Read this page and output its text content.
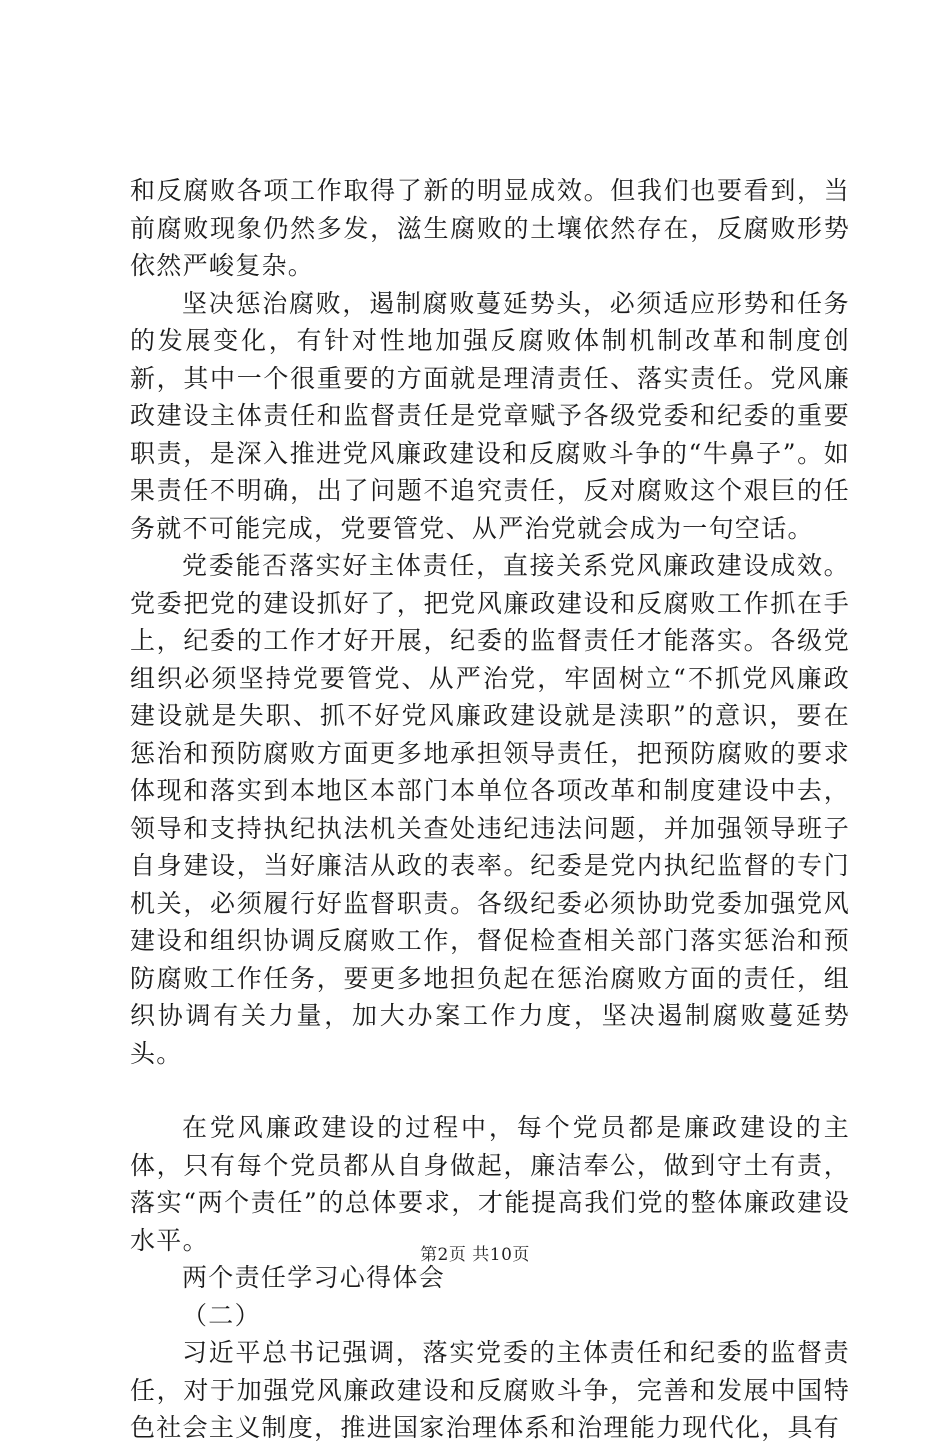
和反腐败各项工作取得了新的明显成效。但我们也要看到，当前腐败现象仍然多发，滋生腐败的土壤依然存在，反腐败形势依然严峻复杂。

坚决惩治腐败，遏制腐败蔓延势头，必须适应形势和任务的发展变化，有针对性地加强反腐败体制机制改革和制度创新，其中一个很重要的方面就是理清责任、落实责任。党风廉政建设主体责任和监督责任是党章赋予各级党委和纪委的重要职责，是深入推进党风廉政建设和反腐败斗争的“牛鼻子”。如果责任不明确，出了问题不追究责任，反对腐败这个艰巨的任务就不可能完成，党要管党、从严治党就会成为一句空话。

党委能否落实好主体责任，直接关系党风廉政建设成效。党委把党的建设抓好了，把党风廉政建设和反腐败工作抓在手上，纪委的工作才好开展，纪委的监督责任才能落实。各级党组织必须坚持党要管党、从严治党，牢固树立“不抓党风廉政建设就是失职、抓不好党风廉政建设就是渎职”的意识，要在惩治和预防腐败方面更多地承担领导责任，把预防腐败的要求体现和落实到本地区本部门本单位各项改革和制度建设中去，领导和支持执纪执法机关查处违纪违法问题，并加强领导班子自身建设，当好廉洁从政的表率。纪委是党内执纪监督的专门机关，必须履行好监督职责。各级纪委必须协助党委加强党风建设和组织协调反腐败工作，督促检查相关部门落实惩治和预防腐败工作任务，要更多地担负起在惩治腐败方面的责任，组织协调有关力量，加大办案工作力度，坚决遏制腐败蔓延势头。

在党风廉政建设的过程中，每个党员都是廉政建设的主体，只有每个党员都从自身做起，廉洁奉公，做到守土有责，落实“两个责任”的总体要求，才能提高我们党的整体廉政建设水平。

两个责任学习心得体会

（二）

习近平总书记强调，落实党委的主体责任和纪委的监督责任，对于加强党风廉政建设和反腐败斗争，完善和发展中国特色社会主义制度，推进国家治理体系和治理能力现代化，具有

第2页 共10页
